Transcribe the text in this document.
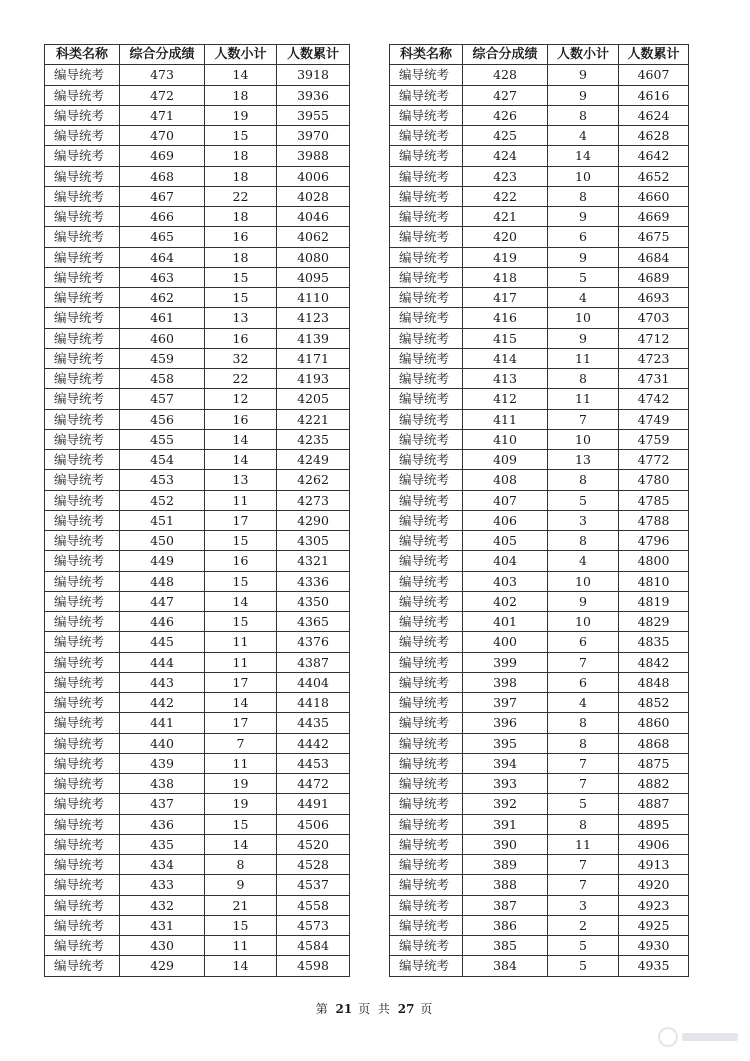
科类名称	综合分成绩	人数小计	人数累计
编导统考	473	14	3918
编导统考	472	18	3936
编导统考	471	19	3955
编导统考	470	15	3970
编导统考	469	18	3988
编导统考	468	18	4006
编导统考	467	22	4028
编导统考	466	18	4046
编导统考	465	16	4062
编导统考	464	18	4080
编导统考	463	15	4095
编导统考	462	15	4110
编导统考	461	13	4123
编导统考	460	16	4139
编导统考	459	32	4171
编导统考	458	22	4193
编导统考	457	12	4205
编导统考	456	16	4221
编导统考	455	14	4235
编导统考	454	14	4249
编导统考	453	13	4262
编导统考	452	11	4273
编导统考	451	17	4290
编导统考	450	15	4305
编导统考	449	16	4321
编导统考	448	15	4336
编导统考	447	14	4350
编导统考	446	15	4365
编导统考	445	11	4376
编导统考	444	11	4387
编导统考	443	17	4404
编导统考	442	14	4418
编导统考	441	17	4435
编导统考	440	7	4442
编导统考	439	11	4453
编导统考	438	19	4472
编导统考	437	19	4491
编导统考	436	15	4506
编导统考	435	14	4520
编导统考	434	8	4528
编导统考	433	9	4537
编导统考	432	21	4558
编导统考	431	15	4573
编导统考	430	11	4584
编导统考	429	14	4598
科类名称	综合分成绩	人数小计	人数累计
编导统考	428	9	4607
编导统考	427	9	4616
编导统考	426	8	4624
编导统考	425	4	4628
编导统考	424	14	4642
编导统考	423	10	4652
编导统考	422	8	4660
编导统考	421	9	4669
编导统考	420	6	4675
编导统考	419	9	4684
编导统考	418	5	4689
编导统考	417	4	4693
编导统考	416	10	4703
编导统考	415	9	4712
编导统考	414	11	4723
编导统考	413	8	4731
编导统考	412	11	4742
编导统考	411	7	4749
编导统考	410	10	4759
编导统考	409	13	4772
编导统考	408	8	4780
编导统考	407	5	4785
编导统考	406	3	4788
编导统考	405	8	4796
编导统考	404	4	4800
编导统考	403	10	4810
编导统考	402	9	4819
编导统考	401	10	4829
编导统考	400	6	4835
编导统考	399	7	4842
编导统考	398	6	4848
编导统考	397	4	4852
编导统考	396	8	4860
编导统考	395	8	4868
编导统考	394	7	4875
编导统考	393	7	4882
编导统考	392	5	4887
编导统考	391	8	4895
编导统考	390	11	4906
编导统考	389	7	4913
编导统考	388	7	4920
编导统考	387	3	4923
编导统考	386	2	4925
编导统考	385	5	4930
编导统考	384	5	4935
第 21 页 共 27 页
